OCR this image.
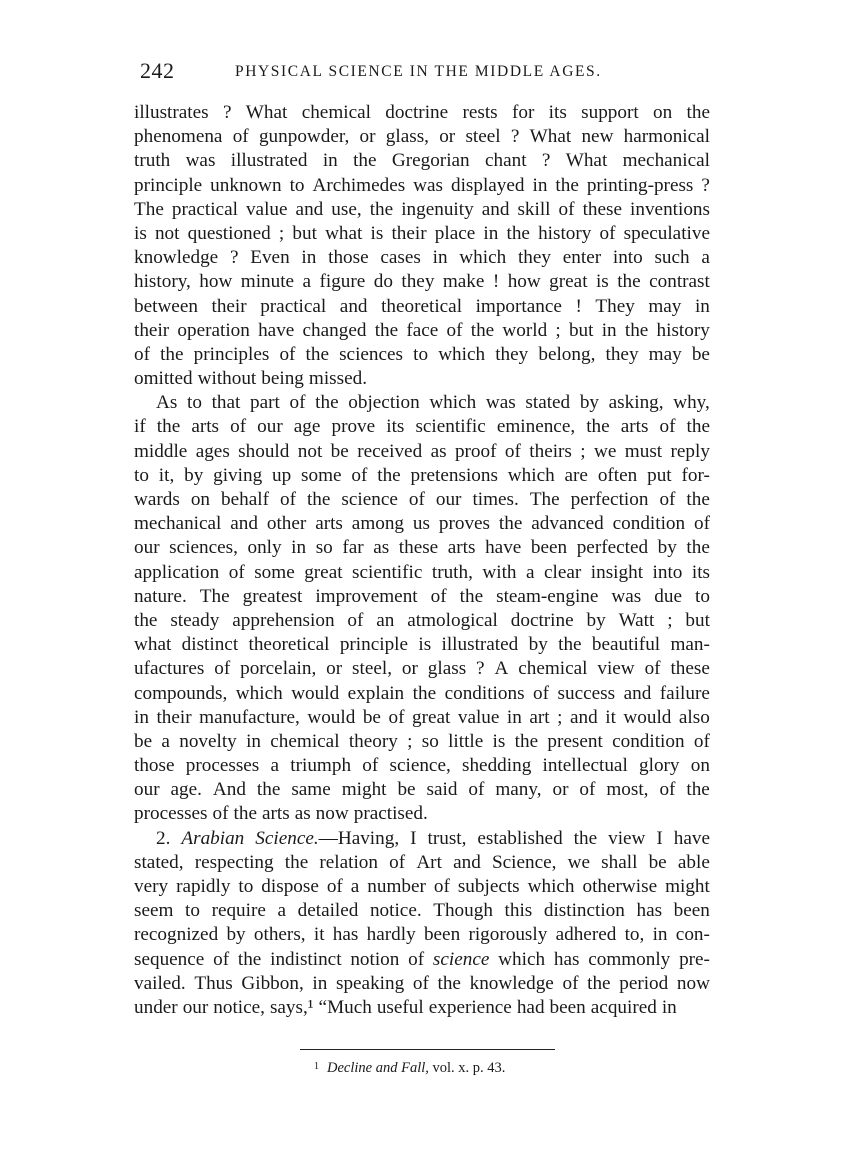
242	PHYSICAL SCIENCE IN THE MIDDLE AGES.
illustrates ? What chemical doctrine rests for its support on the
phenomena of gunpowder, or glass, or steel ? What new harmonical
truth was illustrated in the Gregorian chant ? What mechanical
principle unknown to Archimedes was displayed in the printing-press ?
The practical value and use, the ingenuity and skill of these inventions
is not questioned ; but what is their place in the history of speculative
knowledge ? Even in those cases in which they enter into such a
history, how minute a figure do they make ! how great is the contrast
between their practical and theoretical importance ! They may in
their operation have changed the face of the world ; but in the history
of the principles of the sciences to which they belong, they may be
omitted without being missed.
As to that part of the objection which was stated by asking, why,
if the arts of our age prove its scientific eminence, the arts of the
middle ages should not be received as proof of theirs ; we must reply
to it, by giving up some of the pretensions which are often put for-
wards on behalf of the science of our times. The perfection of the
mechanical and other arts among us proves the advanced condition of
our sciences, only in so far as these arts have been perfected by the
application of some great scientific truth, with a clear insight into its
nature. The greatest improvement of the steam-engine was due to
the steady apprehension of an atmological doctrine by Watt ; but
what distinct theoretical principle is illustrated by the beautiful man-
ufactures of porcelain, or steel, or glass ? A chemical view of these
compounds, which would explain the conditions of success and failure
in their manufacture, would be of great value in art ; and it would also
be a novelty in chemical theory ; so little is the present condition of
those processes a triumph of science, shedding intellectual glory on
our age. And the same might be said of many, or of most, of the
processes of the arts as now practised.
2. Arabian Science.—Having, I trust, established the view I have
stated, respecting the relation of Art and Science, we shall be able
very rapidly to dispose of a number of subjects which otherwise might
seem to require a detailed notice. Though this distinction has been
recognized by others, it has hardly been rigorously adhered to, in con-
sequence of the indistinct notion of science which has commonly pre-
vailed. Thus Gibbon, in speaking of the knowledge of the period now
under our notice, says,¹ “Much useful experience had been acquired in
$^1$ Decline and Fall, vol. x. p. 43.
